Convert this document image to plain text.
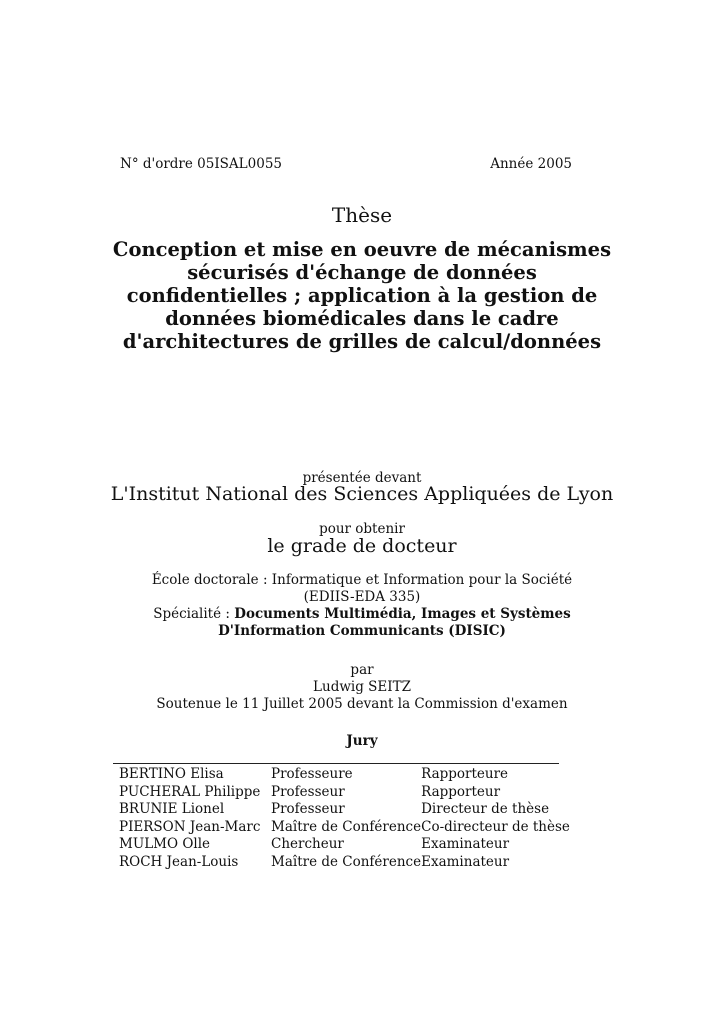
N° d'ordre 05ISAL0055	Année 2005
Thèse
Conception et mise en oeuvre de mécanismes
sécurisés d'échange de données
confidentielles ; application à la gestion de
données biomédicales dans le cadre
d'architectures de grilles de calcul/données
présentée devant
L'Institut National des Sciences Appliquées de Lyon
pour obtenir
le grade de docteur
École doctorale : Informatique et Information pour la Société
(EDIIS-EDA 335)
Spécialité : Documents Multimédia, Images et Systèmes
D'Information Communicants (DISIC)
par
Ludwig SEITZ
Soutenue le 11 Juillet 2005 devant la Commission d'examen
Jury
BERTINO Elisa	Professeure	Rapporteure
PUCHERAL Philippe	Professeur	Rapporteur
BRUNIE Lionel	Professeur	Directeur de thèse
PIERSON Jean-Marc	Maître de Conférence	Co-directeur de thèse
MULMO Olle	Chercheur	Examinateur
ROCH Jean-Louis	Maître de Conférence	Examinateur
